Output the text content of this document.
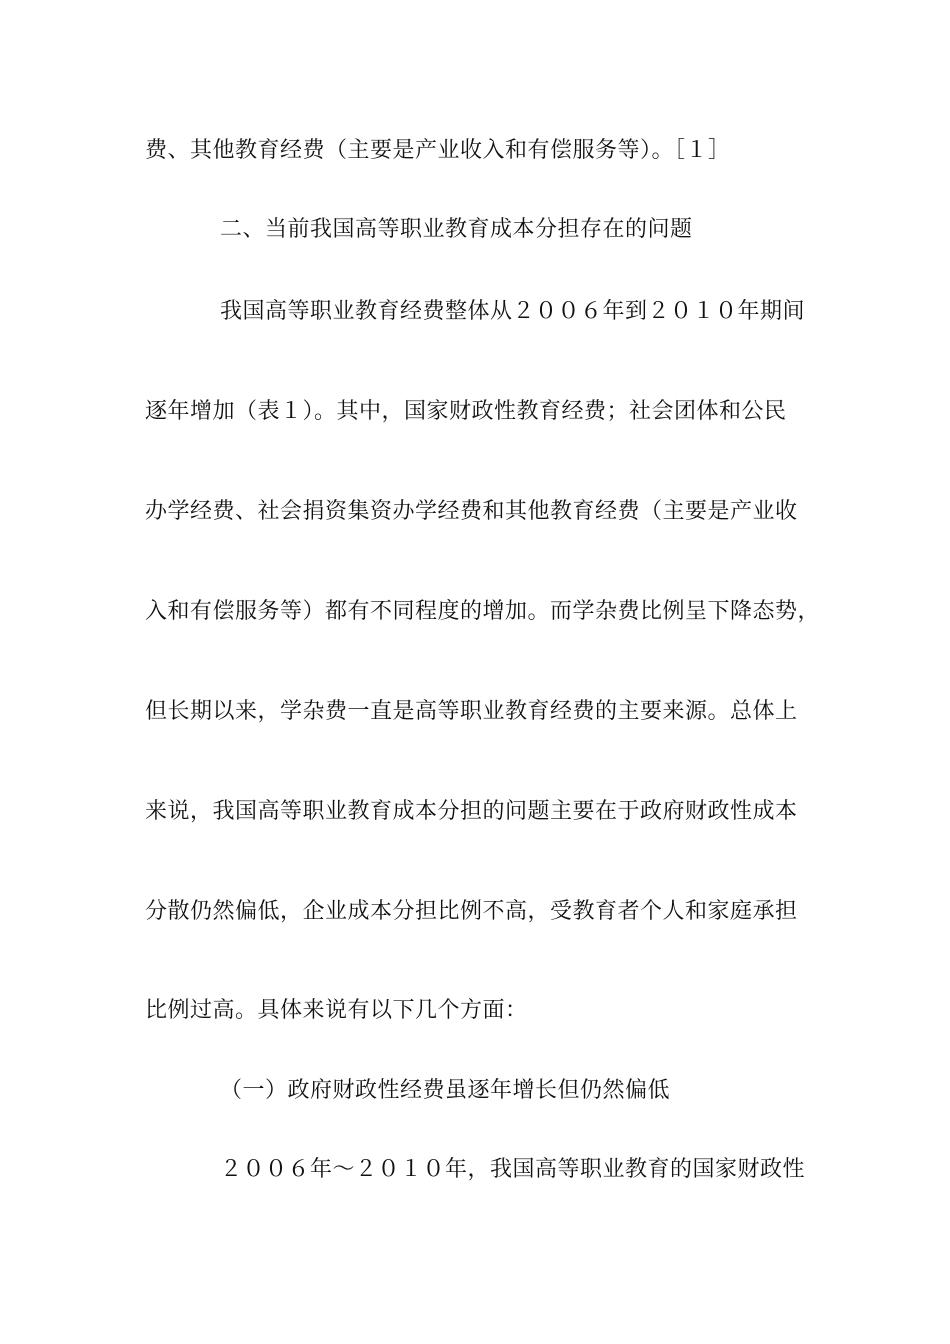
费、其他教育经费（主要是产业收入和有偿服务等）。［１］
二、当前我国高等职业教育成本分担存在的问题
我国高等职业教育经费整体从２００６年到２０１０年期间
逐年增加（表１）。其中，国家财政性教育经费；社会团体和公民
办学经费、社会捐资集资办学经费和其他教育经费（主要是产业收
入和有偿服务等）都有不同程度的增加。而学杂费比例呈下降态势，
但长期以来，学杂费一直是高等职业教育经费的主要来源。总体上
来说，我国高等职业教育成本分担的问题主要在于政府财政性成本
分散仍然偏低，企业成本分担比例不高，受教育者个人和家庭承担
比例过高。具体来说有以下几个方面：
（一）政府财政性经费虽逐年增长但仍然偏低
２００６年～２０１０年，我国高等职业教育的国家财政性
